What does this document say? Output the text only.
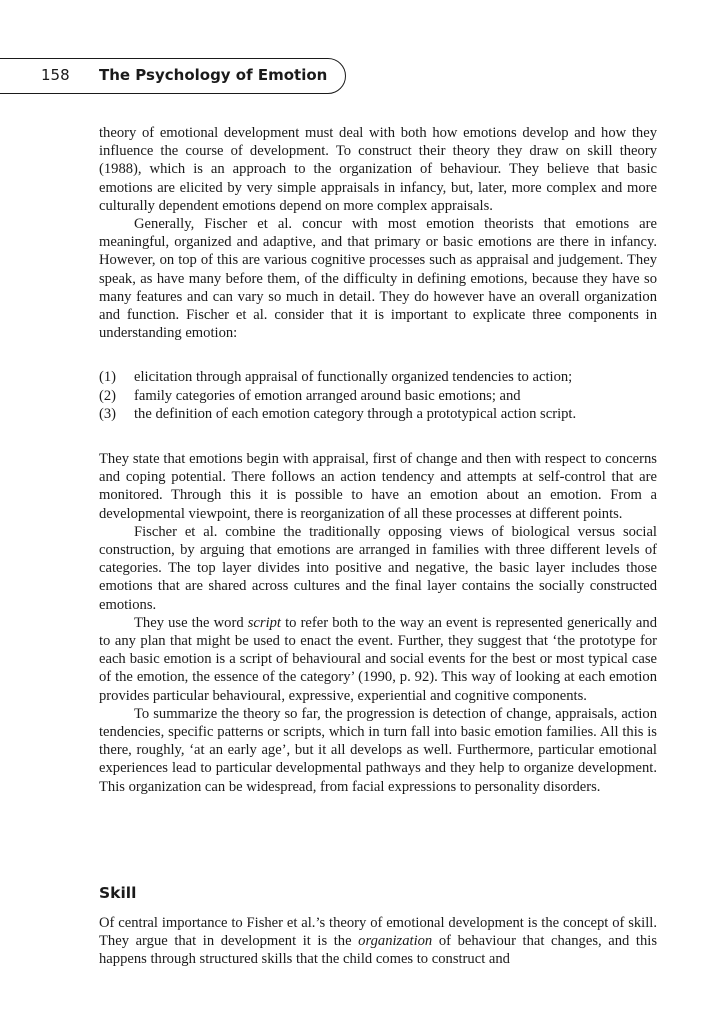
158 The Psychology of Emotion

theory of emotional development must deal with both how emotions develop and how they influence the course of development. To construct their theory they draw on skill theory (1988), which is an approach to the organization of behaviour. They believe that basic emotions are elicited by very simple appraisals in infancy, but, later, more complex and more culturally dependent emotions depend on more complex appraisals.

Generally, Fischer et al. concur with most emotion theorists that emotions are meaningful, organized and adaptive, and that primary or basic emotions are there in infancy. However, on top of this are various cognitive processes such as appraisal and judgement. They speak, as have many before them, of the difficulty in defining emotions, because they have so many features and can vary so much in detail. They do however have an overall organization and function. Fischer et al. consider that it is important to explicate three components in understanding emotion:

(1) elicitation through appraisal of functionally organized tendencies to action;
(2) family categories of emotion arranged around basic emotions; and
(3) the definition of each emotion category through a prototypical action script.

They state that emotions begin with appraisal, first of change and then with respect to concerns and coping potential. There follows an action tendency and attempts at self-control that are monitored. Through this it is possible to have an emotion about an emotion. From a developmental viewpoint, there is reorganization of all these processes at different points.

Fischer et al. combine the traditionally opposing views of biological versus social construction, by arguing that emotions are arranged in families with three different levels of categories. The top layer divides into positive and negative, the basic layer includes those emotions that are shared across cultures and the final layer contains the socially constructed emotions.

They use the word script to refer both to the way an event is represented generically and to any plan that might be used to enact the event. Further, they suggest that ‘the prototype for each basic emotion is a script of behavioural and social events for the best or most typical case of the emotion, the essence of the category’ (1990, p. 92). This way of looking at each emotion provides particular behavioural, expressive, experiential and cognitive components.

To summarize the theory so far, the progression is detection of change, appraisals, action tendencies, specific patterns or scripts, which in turn fall into basic emotion families. All this is there, roughly, ‘at an early age’, but it all develops as well. Furthermore, particular emotional experiences lead to particular developmental pathways and they help to organize development. This organization can be widespread, from facial expressions to personality disorders.

Skill

Of central importance to Fisher et al.’s theory of emotional development is the concept of skill. They argue that in development it is the organization of behaviour that changes, and this happens through structured skills that the child comes to construct and
